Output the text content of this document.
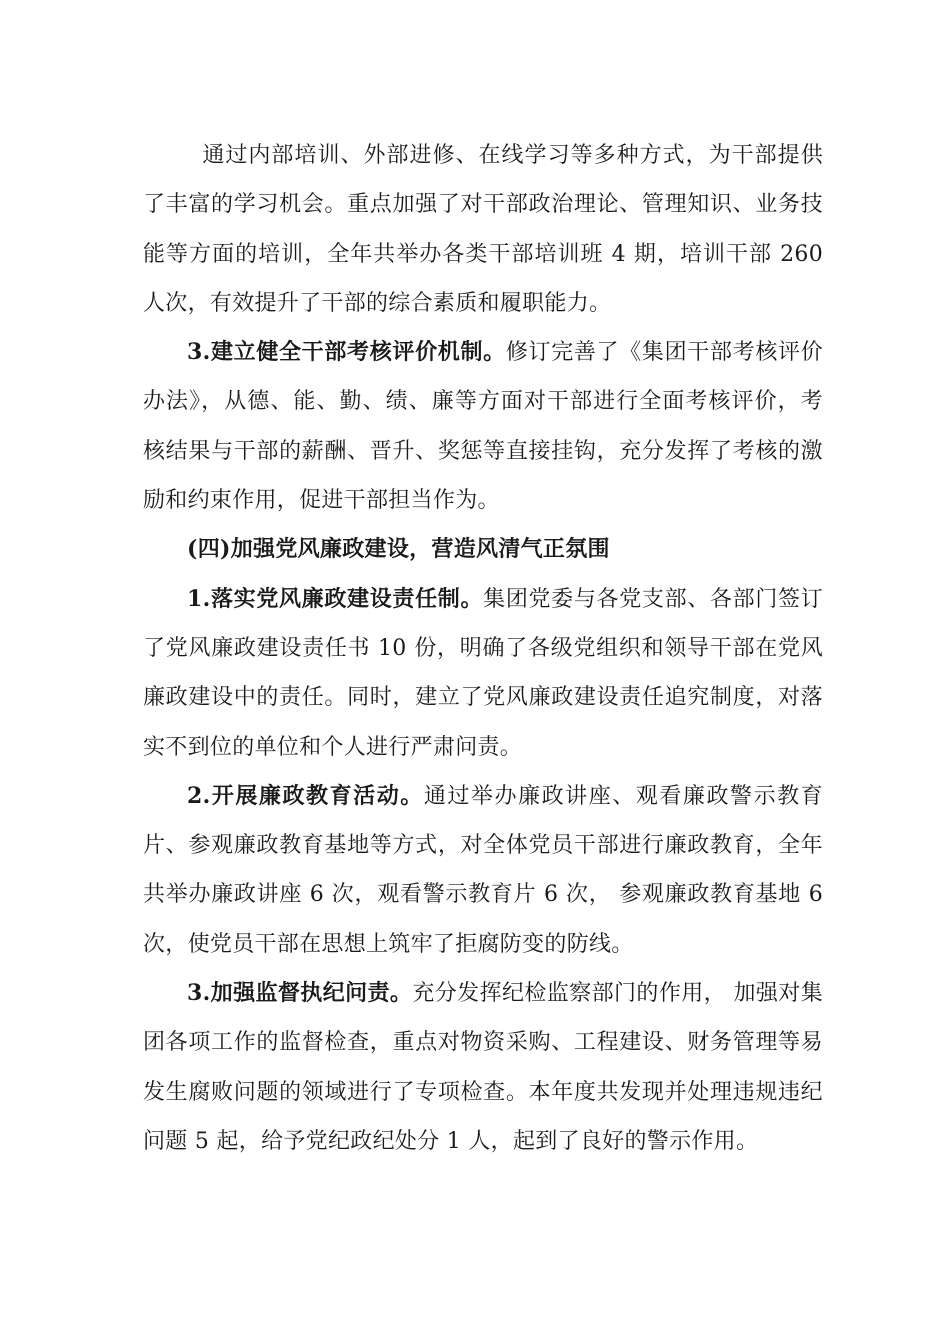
通过内部培训、外部进修、在线学习等多种方式，为干部提供了丰富的学习机会。重点加强了对干部政治理论、管理知识、业务技能等方面的培训，全年共举办各类干部培训班 4 期，培训干部 260 人次，有效提升了干部的综合素质和履职能力。

3.建立健全干部考核评价机制。修订完善了《集团干部考核评价办法》，从德、能、勤、绩、廉等方面对干部进行全面考核评价，考核结果与干部的薪酬、晋升、奖惩等直接挂钩，充分发挥了考核的激励和约束作用，促进干部担当作为。

(四)加强党风廉政建设，营造风清气正氛围

1.落实党风廉政建设责任制。集团党委与各党支部、各部门签订了党风廉政建设责任书 10 份，明确了各级党组织和领导干部在党风廉政建设中的责任。同时，建立了党风廉政建设责任追究制度，对落实不到位的单位和个人进行严肃问责。

2.开展廉政教育活动。通过举办廉政讲座、观看廉政警示教育片、参观廉政教育基地等方式，对全体党员干部进行廉政教育，全年共举办廉政讲座 6 次，观看警示教育片 6 次， 参观廉政教育基地 6 次，使党员干部在思想上筑牢了拒腐防变的防线。

3.加强监督执纪问责。充分发挥纪检监察部门的作用， 加强对集团各项工作的监督检查，重点对物资采购、工程建设、财务管理等易发生腐败问题的领域进行了专项检查。本年度共发现并处理违规违纪问题 5 起，给予党纪政纪处分 1 人，起到了良好的警示作用。
